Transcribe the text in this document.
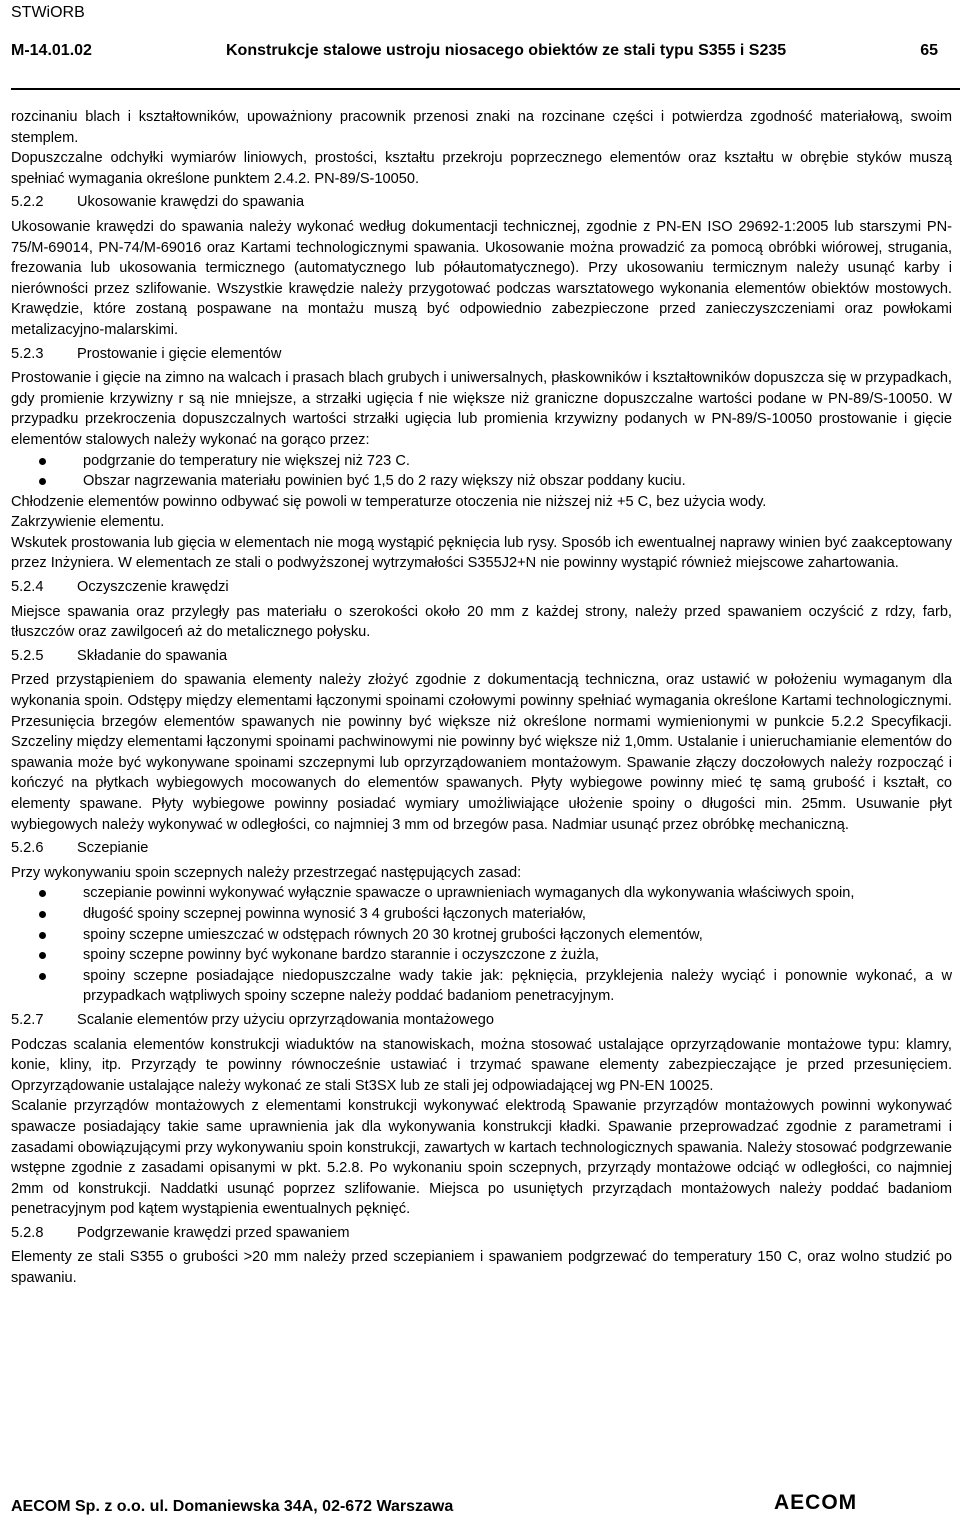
STWiORB
M-14.01.02	Konstrukcje stalowe ustroju niosacego obiektów ze stali typu S355 i S235	65

rozcinaniu blach i kształtowników, upoważniony pracownik przenosi znaki na rozcinane części i potwierdza zgodność materiałową, swoim stemplem.

Dopuszczalne odchyłki wymiarów liniowych, prostości, kształtu przekroju poprzecznego elementów oraz kształtu w obrębie styków muszą spełniać wymagania określone punktem 2.4.2. PN-89/S-10050.

5.2.2 Ukosowanie krawędzi do spawania

Ukosowanie krawędzi do spawania należy wykonać według dokumentacji technicznej, zgodnie z PN-EN ISO 29692-1:2005 lub starszymi PN-75/M-69014, PN-74/M-69016 oraz Kartami technologicznymi spawania. Ukosowanie można prowadzić za pomocą obróbki wiórowej, strugania, frezowania lub ukosowania termicznego (automatycznego lub półautomatycznego). Przy ukosowaniu termicznym należy usunąć karby i nierówności przez szlifowanie. Wszystkie krawędzie należy przygotować podczas warsztatowego wykonania elementów obiektów mostowych. Krawędzie, które zostaną pospawane na montażu muszą być odpowiednio zabezpieczone przed zanieczyszczeniami oraz powłokami metalizacyjno-malarskimi.

5.2.3 Prostowanie i gięcie elementów

Prostowanie i gięcie na zimno na walcach i prasach blach grubych i uniwersalnych, płaskowników i kształtowników dopuszcza się w przypadkach, gdy promienie krzywizny r są nie mniejsze, a strzałki ugięcia f nie większe niż graniczne dopuszczalne wartości podane w PN-89/S-10050. W przypadku przekroczenia dopuszczalnych wartości strzałki ugięcia lub promienia krzywizny podanych w PN-89/S-10050 prostowanie i gięcie elementów stalowych należy wykonać na gorąco przez:

podgrzanie do temperatury nie większej niż 723 C.
Obszar nagrzewania materiału powinien być 1,5 do 2 razy większy niż obszar poddany kuciu.

Chłodzenie elementów powinno odbywać się powoli w temperaturze otoczenia nie niższej niż +5 C, bez użycia wody.

Zakrzywienie elementu.

Wskutek prostowania lub gięcia w elementach nie mogą wystąpić pęknięcia lub rysy. Sposób ich ewentualnej naprawy winien być zaakceptowany przez Inżyniera. W elementach ze stali o podwyższonej wytrzymałości S355J2+N nie powinny wystąpić również miejscowe zahartowania.

5.2.4 Oczyszczenie krawędzi

Miejsce spawania oraz przyległy pas materiału o szerokości około 20 mm z każdej strony, należy przed spawaniem oczyścić z rdzy, farb, tłuszczów oraz zawilgoceń aż do metalicznego połysku.

5.2.5 Składanie do spawania

Przed przystąpieniem do spawania elementy należy złożyć zgodnie z dokumentacją techniczna, oraz ustawić w położeniu wymaganym dla wykonania spoin. Odstępy między elementami łączonymi spoinami czołowymi powinny spełniać wymagania określone Kartami technologicznymi. Przesunięcia brzegów elementów spawanych nie powinny być większe niż określone normami wymienionymi w punkcie 5.2.2 Specyfikacji. Szczeliny między elementami łączonymi spoinami pachwinowymi nie powinny być większe niż 1,0mm. Ustalanie i unieruchamianie elementów do spawania może być wykonywane spoinami szczepnymi lub oprzyrządowaniem montażowym. Spawanie złączy doczołowych należy rozpocząć i kończyć na płytkach wybiegowych mocowanych do elementów spawanych. Płyty wybiegowe powinny mieć tę samą grubość i kształt, co elementy spawane. Płyty wybiegowe powinny posiadać wymiary umożliwiające ułożenie spoiny o długości min. 25mm. Usuwanie płyt wybiegowych należy wykonywać w odległości, co najmniej 3 mm od brzegów pasa. Nadmiar usunąć przez obróbkę mechaniczną.

5.2.6 Sczepianie

Przy wykonywaniu spoin sczepnych należy przestrzegać następujących zasad:

sczepianie powinni wykonywać wyłącznie spawacze o uprawnieniach wymaganych dla wykonywania właściwych spoin,
długość spoiny sczepnej powinna wynosić 3 4 grubości łączonych materiałów,
spoiny sczepne umieszczać w odstępach równych 20 30 krotnej grubości łączonych elementów,
spoiny sczepne powinny być wykonane bardzo starannie i oczyszczone z żużla,
spoiny sczepne posiadające niedopuszczalne wady takie jak: pęknięcia, przyklejenia należy wyciąć i ponownie wykonać, a w przypadkach wątpliwych spoiny sczepne należy poddać badaniom penetracyjnym.
5.2.7 Scalanie elementów przy użyciu oprzyrządowania montażowego

Podczas scalania elementów konstrukcji wiaduktów na stanowiskach, można stosować ustalające oprzyrządowanie montażowe typu: klamry, konie, kliny, itp. Przyrządy te powinny równocześnie ustawiać i trzymać spawane elementy zabezpieczające je przed przesunięciem. Oprzyrządowanie ustalające należy wykonać ze stali St3SX lub ze stali jej odpowiadającej wg PN-EN 10025.

Scalanie przyrządów montażowych z elementami konstrukcji wykonywać elektrodą Spawanie przyrządów montażowych powinni wykonywać spawacze posiadający takie same uprawnienia jak dla wykonywania konstrukcji kładki. Spawanie przeprowadzać zgodnie z parametrami i zasadami obowiązującymi przy wykonywaniu spoin konstrukcji, zawartych w kartach technologicznych spawania. Należy stosować podgrzewanie wstępne zgodnie z zasadami opisanymi w pkt. 5.2.8. Po wykonaniu spoin sczepnych, przyrządy montażowe odciąć w odległości, co najmniej 2mm od konstrukcji. Naddatki usunąć poprzez szlifowanie. Miejsca po usuniętych przyrządach montażowych należy poddać badaniom penetracyjnym pod kątem wystąpienia ewentualnych pęknięć.

5.2.8 Podgrzewanie krawędzi przed spawaniem

Elementy ze stali S355 o grubości >20 mm należy przed sczepianiem i spawaniem podgrzewać do temperatury 150 C, oraz wolno studzić po spawaniu.

AECOM Sp. z o.o. ul. Domaniewska 34A, 02-672 Warszawa	AECOM
